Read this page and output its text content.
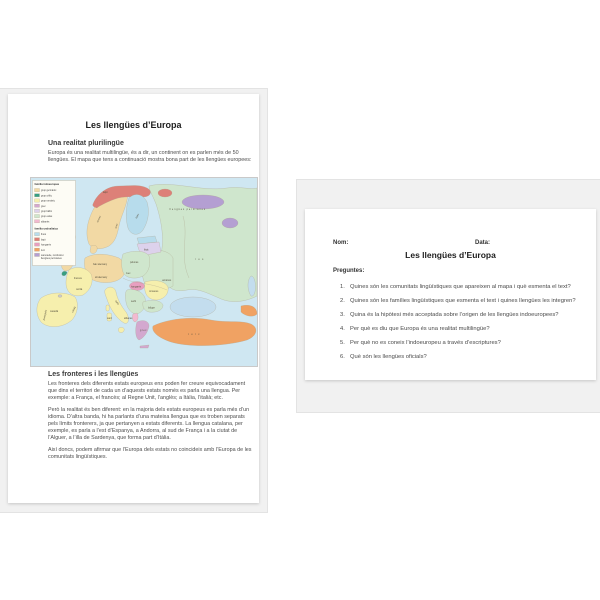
Les llengües d’Europa
Una realitat plurilingüe
Europa és una realitat multilingüe, és a dir, un continent on es parlen més de 50 llengües. El mapa que tens a continuació mostra bona part de les llengües europees:
lapó
noruec
suec
finès
rus
llengües permianes
lituà
baix alemany
alt alemany
polonès
txec
ucraïnès
francès
occità
català
castellà
portuguès
italià
sard
hongarès
romanès
serbi
búlgar
albanès
grec
turc
família indoeuropea
grup germànic
grup cèltic
grup romànic
grec
grup bàltic
grup eslau
albanès
família uraloaltaica
finès
lapó
hongarès
turc
samoiede, mordovià i
llengües permianes
Les fronteres i les llengües
Les fronteres dels diferents estats europeus ens poden fer creure equivocadament que dins el territori de cada un d’aquests estats només es parla una llengua. Per exemple: a França, el francès; al Regne Unit, l’anglès; a Itàlia, l’italià; etc.
Però la realitat és ben diferent: en la majoria dels estats europeus es parla més d’un idioma. D’altra banda, hi ha parlants d’una mateixa llengua que es troben separats pels límits fronterers, ja que pertanyen a estats diferents. La llengua catalana, per exemple, es parla a l’est d’Espanya, a Andorra, al sud de França i a la ciutat de l’Alguer, a l’illa de Sardenya, que forma part d’Itàlia.
Així doncs, podem afirmar que l’Europa dels estats no coincideix amb l’Europa de les comunitats lingüístiques.
Nom:	Data:
Les llengües d’Europa
Preguntes:
1. Quines són les comunitats lingüístiques que apareixen al mapa i què esmenta el text?
2. Quines són les famílies lingüístiques que esmenta el text i quines llengües les integren?
3. Quina és la hipòtesi més acceptada sobre l’origen de les llengües indoeuropees?
4. Per què es diu que Europa és una realitat multilingüe?
5. Per què no es coneix l’indoeuropeu a través d’escriptures?
6. Què són les llengües oficials?
